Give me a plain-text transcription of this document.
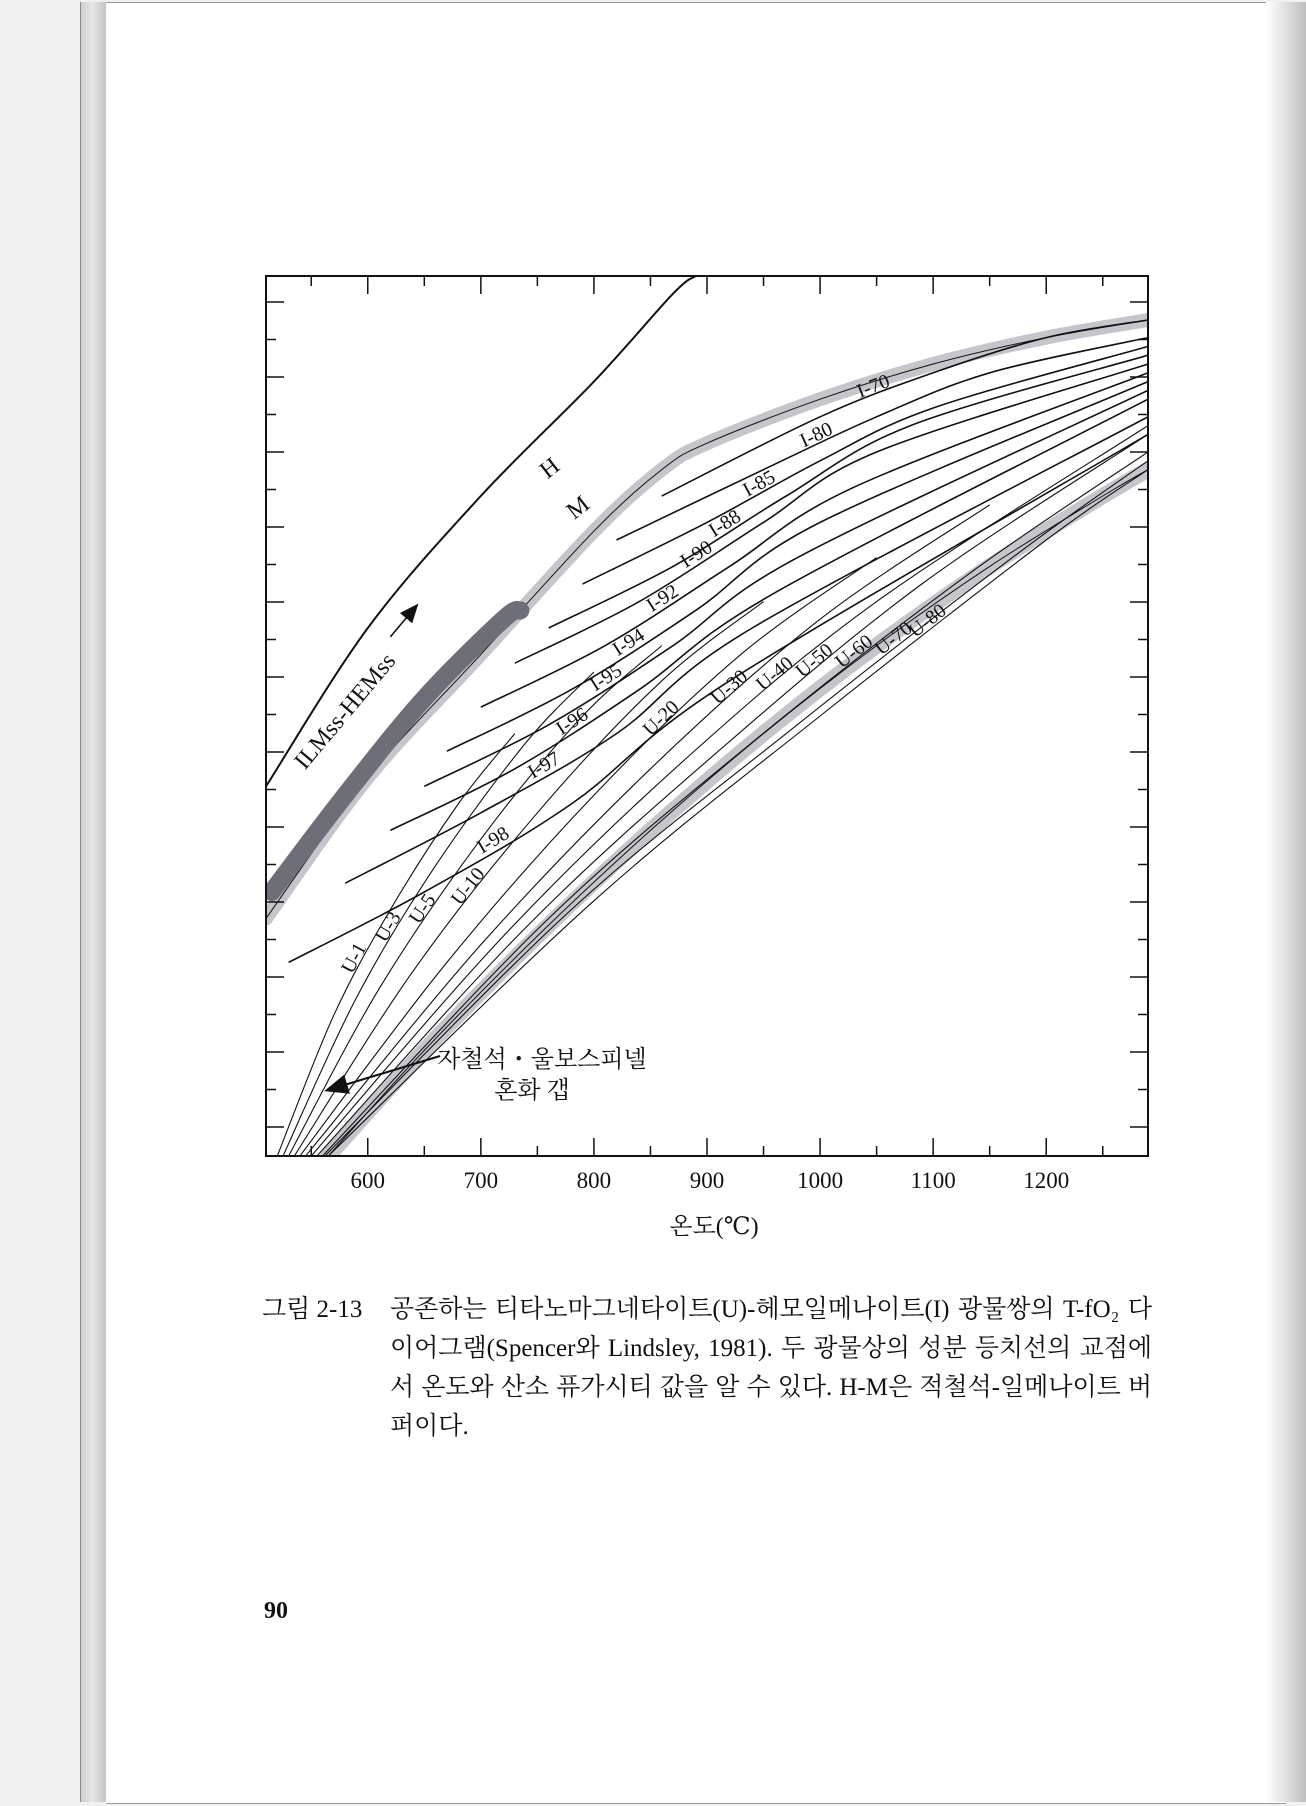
600	700	800	900	1000	1100	1200
I-70
I-80
I-85
I-88
I-90
I-92
I-94
I-95
I-96
I-97
I-98
U-1
U-3 U-5 U-10
U-20
U-30 U-40
U-50
U-60
U-70
U-80
H
M
ILMss-HEMss
자철석・울보스피넬
혼화 갭
온도(℃)
그림 2-13 공존하는 티타노마그네타이트(U)-헤모일메나이트(I) 광물쌍의 T-fO₂ 다이어그램(Spencer와 Lindsley, 1981). 두 광물상의 성분 등치선의 교점에서 온도와 산소 퓨가시티 값을 알 수 있다. H-M은 적철석-일메나이트 버퍼이다.
90
